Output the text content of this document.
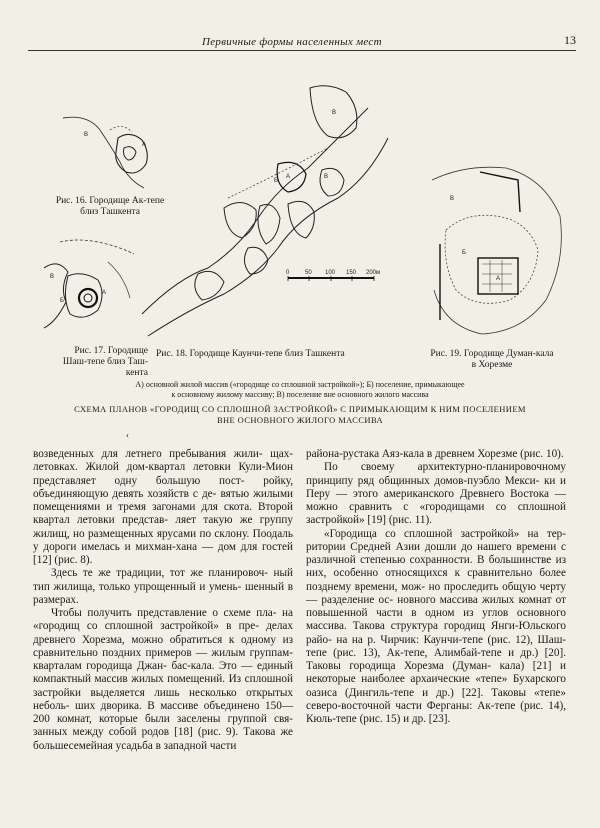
Первичные формы населенных мест	13
В
А
Рис. 16. Городище Ак-тепе
близ Ташкента
В
Б
А
Рис. 17. Городище
Шаш-тепе близ Таш-
кента
В
А
Б
В
0	50 100 150 200м
Рис. 18. Городище Каунчи-тепе близ Ташкента
В
Б
А
Рис. 19. Городище Думан-кала
в Хорезме
А) основной жилой массив («городище со сплошной застройкой»); Б) поселение, примыкающее
к основному жилому массиву; В) поселение вне основного жилого массива
СХЕМА ПЛАНОВ «ГОРОДИЩ СО СПЛОШНОЙ ЗАСТРОЙКОЙ» С ПРИМЫКАЮЩИМ К НИМ ПОСЕЛЕНИЕМ
ВНЕ ОСНОВНОГО ЖИЛОГО МАССИВА
‹

возведенных для летнего пребывания жили- щах-летовках. Жилой дом-квартал летовки Кули-Мион представляет одну большую пост- ройку, объединяющую девять хозяйств с де- вятью жилыми помещениями и тремя загонами для скота. Второй квартал летовки представ- ляет такую же группу жилищ, но размещенных ярусами по склону. Поодаль у дороги имелась и михман-хана — дом для гостей [12] (рис. 8).

Здесь те же традиции, тот же планировоч- ный тип жилища, только упрощенный и умень- шенный в размерах.

Чтобы получить представление о схеме пла- на «городищ со сплошной застройкой» в пре- делах древнего Хорезма, можно обратиться к одному из сравнительно поздних примеров — жилым группам-кварталам городища Джан- бас-кала. Это — единый компактный массив жилых помещений. Из сплошной застройки выделяется лишь несколько открытых неболь- ших дворика. В массиве объединено 150—200 комнат, которые были заселены группой свя- занных между собой родов [18] (рис. 9). Такова же большесемейная усадьба в западной части

района-рустака Аяз-кала в древнем Хорезме (рис. 10).

По своему архитектурно-планировочному принципу ряд общинных домов-пуэбло Мекси- ки и Перу — этого американского Древнего Востока — можно сравнить с «городищами со сплошной застройкой» [19] (рис. 11).

«Городища со сплошной застройкой» на тер- ритории Средней Азии дошли до нашего времени с различной степенью сохранности. В большинстве из них, особенно относящихся к сравнительно более позднему времени, мож- но проследить общую черту — разделение ос- новного массива жилых комнат от повышенной части в одном из углов основного массива. Такова структура городищ Янги-Юльского райо- на на р. Чирчик: Каунчи-тепе (рис. 12), Шаш-тепе (рис. 13), Ак-тепе, Алимбай-тепе и др.) [20]. Таковы городища Хорезма (Думан- кала) [21] и некоторые наиболее архаические «тепе» Бухарского оазиса (Дингиль-тепе и др.) [22]. Таковы «тепе» северо-восточной части Ферганы: Ак-тепе (рис. 14), Кюль-тепе (рис. 15) и др. [23].
